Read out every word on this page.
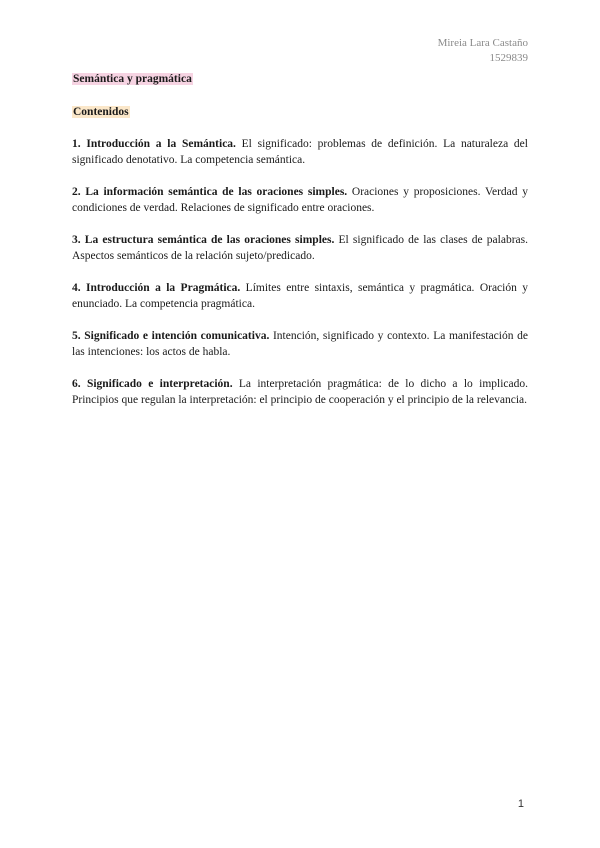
Mireia Lara Castaño
1529839
Semántica y pragmática
Contenidos

1. Introducción a la Semántica. El significado: problemas de definición. La naturaleza del significado denotativo. La competencia semántica.

2. La información semántica de las oraciones simples. Oraciones y proposiciones. Verdad y condiciones de verdad. Relaciones de significado entre oraciones.

3. La estructura semántica de las oraciones simples. El significado de las clases de palabras. Aspectos semánticos de la relación sujeto/predicado.

4. Introducción a la Pragmática. Límites entre sintaxis, semántica y pragmática. Oración y enunciado. La competencia pragmática.

5. Significado e intención comunicativa. Intención, significado y contexto. La manifestación de las intenciones: los actos de habla.

6. Significado e interpretación. La interpretación pragmática: de lo dicho a lo implicado. Principios que regulan la interpretación: el principio de cooperación y el principio de la relevancia.

1
